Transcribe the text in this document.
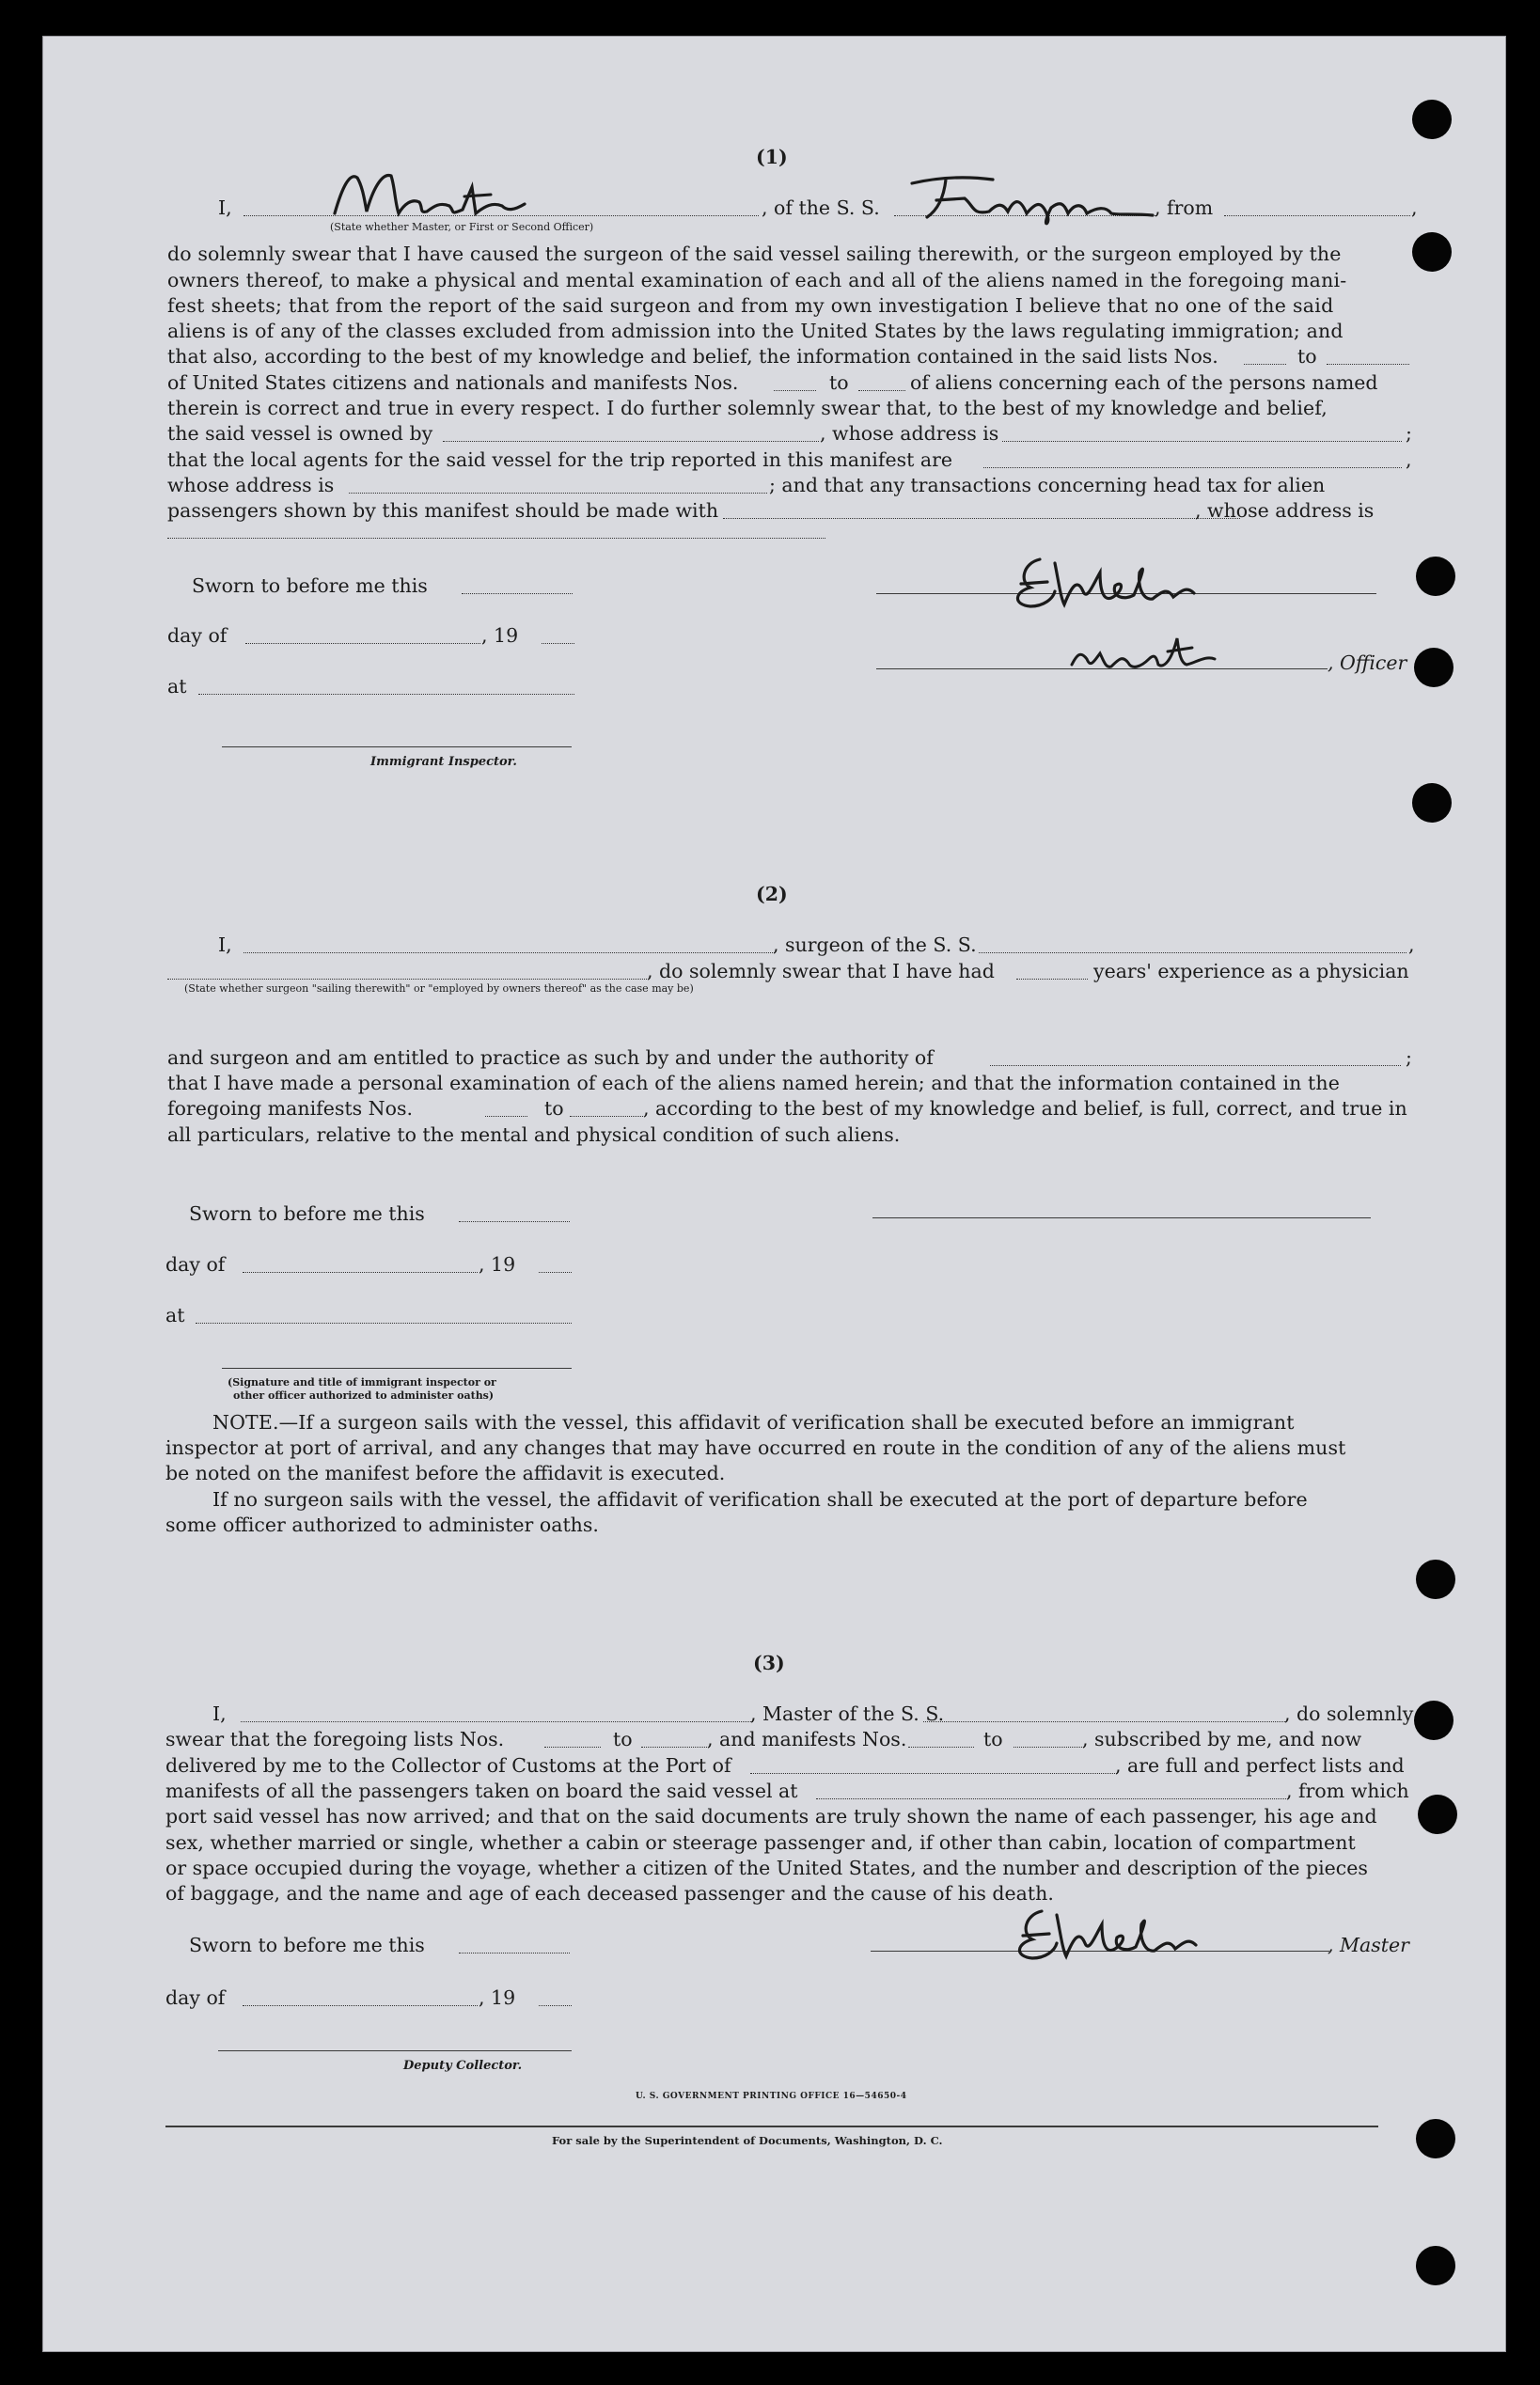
(1)
I,
(State whether Master, or First or Second Officer)
, of the S. S.	, from	,
do solemnly swear that I have caused the surgeon of the said vessel sailing therewith, or the surgeon employed by the
owners thereof, to make a physical and mental examination of each and all of the aliens named in the foregoing mani-
fest sheets; that from the report of the said surgeon and from my own investigation I believe that no one of the said
aliens is of any of the classes excluded from admission into the United States by the laws regulating immigration; and
that also, according to the best of my knowledge and belief, the information contained in the said lists Nos.	to
of United States citizens and nationals and manifests Nos.	to	of aliens concerning each of the persons named
therein is correct and true in every respect. I do further solemnly swear that, to the best of my knowledge and belief,
the said vessel is owned by	, whose address is	;
that the local agents for the said vessel for the trip reported in this manifest are	,
whose address is	; and that any transactions concerning head tax for alien
passengers shown by this manifest should be made with	, whose address is
Sworn to before me this
day of	, 19
at
Immigrant Inspector.
, Officer
(2)
I,	, surgeon of the S. S.	,
, do solemnly swear that I have had	years' experience as a physician
(State whether surgeon "sailing therewith" or "employed by owners thereof" as the case may be)
and surgeon and am entitled to practice as such by and under the authority of	;
that I have made a personal examination of each of the aliens named herein; and that the information contained in the
foregoing manifests Nos.	to	, according to the best of my knowledge and belief, is full, correct, and true in
all particulars, relative to the mental and physical condition of such aliens.
Sworn to before me this
day of	, 19
at
(Signature and title of immigrant inspector or
other officer authorized to administer oaths)
NOTE.—If a surgeon sails with the vessel, this affidavit of verification shall be executed before an immigrant
inspector at port of arrival, and any changes that may have occurred en route in the condition of any of the aliens must
be noted on the manifest before the affidavit is executed.
If no surgeon sails with the vessel, the affidavit of verification shall be executed at the port of departure before
some officer authorized to administer oaths.
(3)
I,	, Master of the S. S.	, do solemnly
swear that the foregoing lists Nos.	to	, and manifests Nos.	to	, subscribed by me, and now
delivered by me to the Collector of Customs at the Port of	, are full and perfect lists and
manifests of all the passengers taken on board the said vessel at	, from which
port said vessel has now arrived; and that on the said documents are truly shown the name of each passenger, his age and
sex, whether married or single, whether a cabin or steerage passenger and, if other than cabin, location of compartment
or space occupied during the voyage, whether a citizen of the United States, and the number and description of the pieces
of baggage, and the name and age of each deceased passenger and the cause of his death.
Sworn to before me this	, Master
day of	, 19
Deputy Collector.
U. S. GOVERNMENT PRINTING OFFICE 16—54650-4
For sale by the Superintendent of Documents, Washington, D. C.
